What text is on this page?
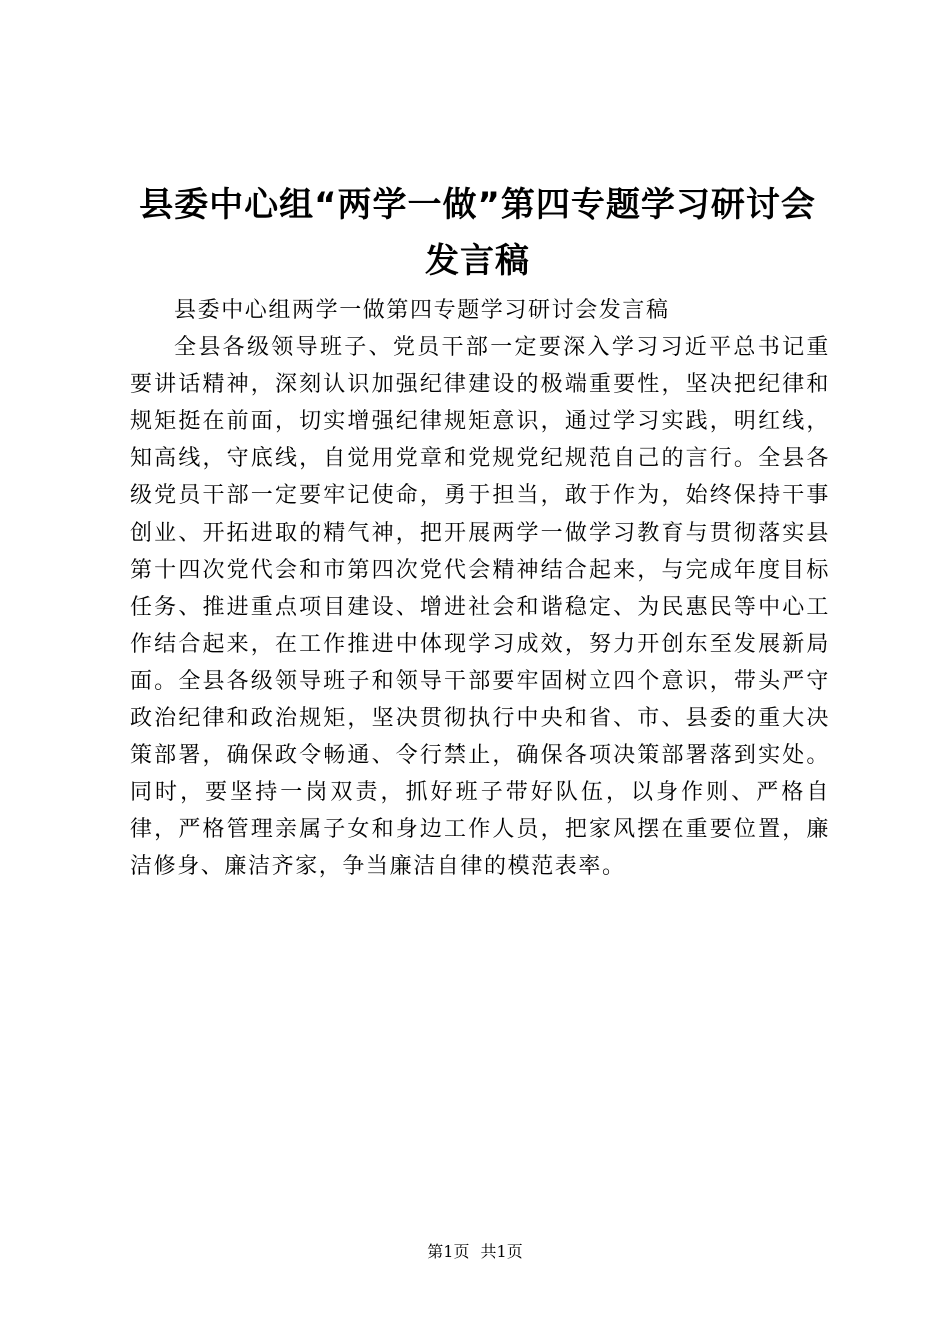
县委中心组“两学一做”第四专题学习研讨会
发言稿

县委中心组两学一做第四专题学习研讨会发言稿

全县各级领导班子、党员干部一定要深入学习习近平总书记重要讲话精神，深刻认识加强纪律建设的极端重要性，坚决把纪律和规矩挺在前面，切实增强纪律规矩意识，通过学习实践，明红线，知高线，守底线，自觉用党章和党规党纪规范自己的言行。全县各级党员干部一定要牢记使命，勇于担当，敢于作为，始终保持干事创业、开拓进取的精气神，把开展两学一做学习教育与贯彻落实县第十四次党代会和市第四次党代会精神结合起来，与完成年度目标任务、推进重点项目建设、增进社会和谐稳定、为民惠民等中心工作结合起来，在工作推进中体现学习成效，努力开创东至发展新局面。全县各级领导班子和领导干部要牢固树立四个意识，带头严守政治纪律和政治规矩，坚决贯彻执行中央和省、市、县委的重大决策部署，确保政令畅通、令行禁止，确保各项决策部署落到实处。同时，要坚持一岗双责，抓好班子带好队伍，以身作则、严格自律，严格管理亲属子女和身边工作人员，把家风摆在重要位置，廉洁修身、廉洁齐家，争当廉洁自律的模范表率。

第1页 共1页
